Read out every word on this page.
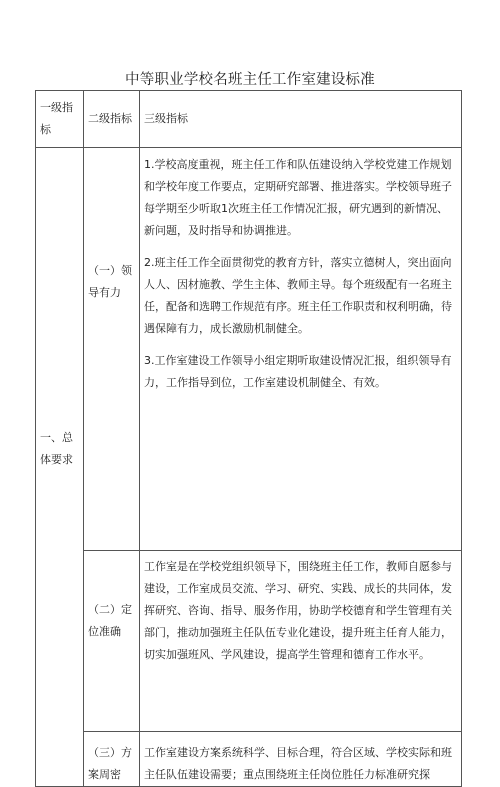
中等职业学校名班主任工作室建设标准
一级指标	二级指标	三级指标

一、总体要求	（一）领导有力	1.学校高度重视，班主任工作和队伍建设纳入学校党建工作规划和学校年度工作要点，定期研究部署、推进落实。学校领导班子每学期至少听取1次班主任工作情况汇报，研宄遇到的新情况、新问题，及时指导和协调推进。

2.班主任工作全面贯彻党的教育方针，落实立德树人，突出面向人人、因材施教、学生主体、教师主导。每个班级配有一名班主任，配备和选聘工作规范有序。班主任工作职责和权利明确，待遇保障有力，成长激励机制健全。

3.工作室建设工作领导小组定期听取建设情况汇报，组织领导有力，工作指导到位，工作室建设机制健全、有效。

	（二）定位准确	工作室是在学校党组织领导下，围绕班主任工作，教师自愿参与建设，工作室成员交流、学习、研究、实践、成长的共同体，发挥研究、咨询、指导、服务作用，协助学校德育和学生管理有关部门，推动加强班主任队伍专业化建设，提升班主任育人能力，切实加强班风、学风建设，提高学生管理和德育工作水平。

	（三）方案周密	工作室建设方案系统科学、目标合理，符合区域、学校实际和班主任队伍建设需要；重点围绕班主任岗位胜任力标准研究探
